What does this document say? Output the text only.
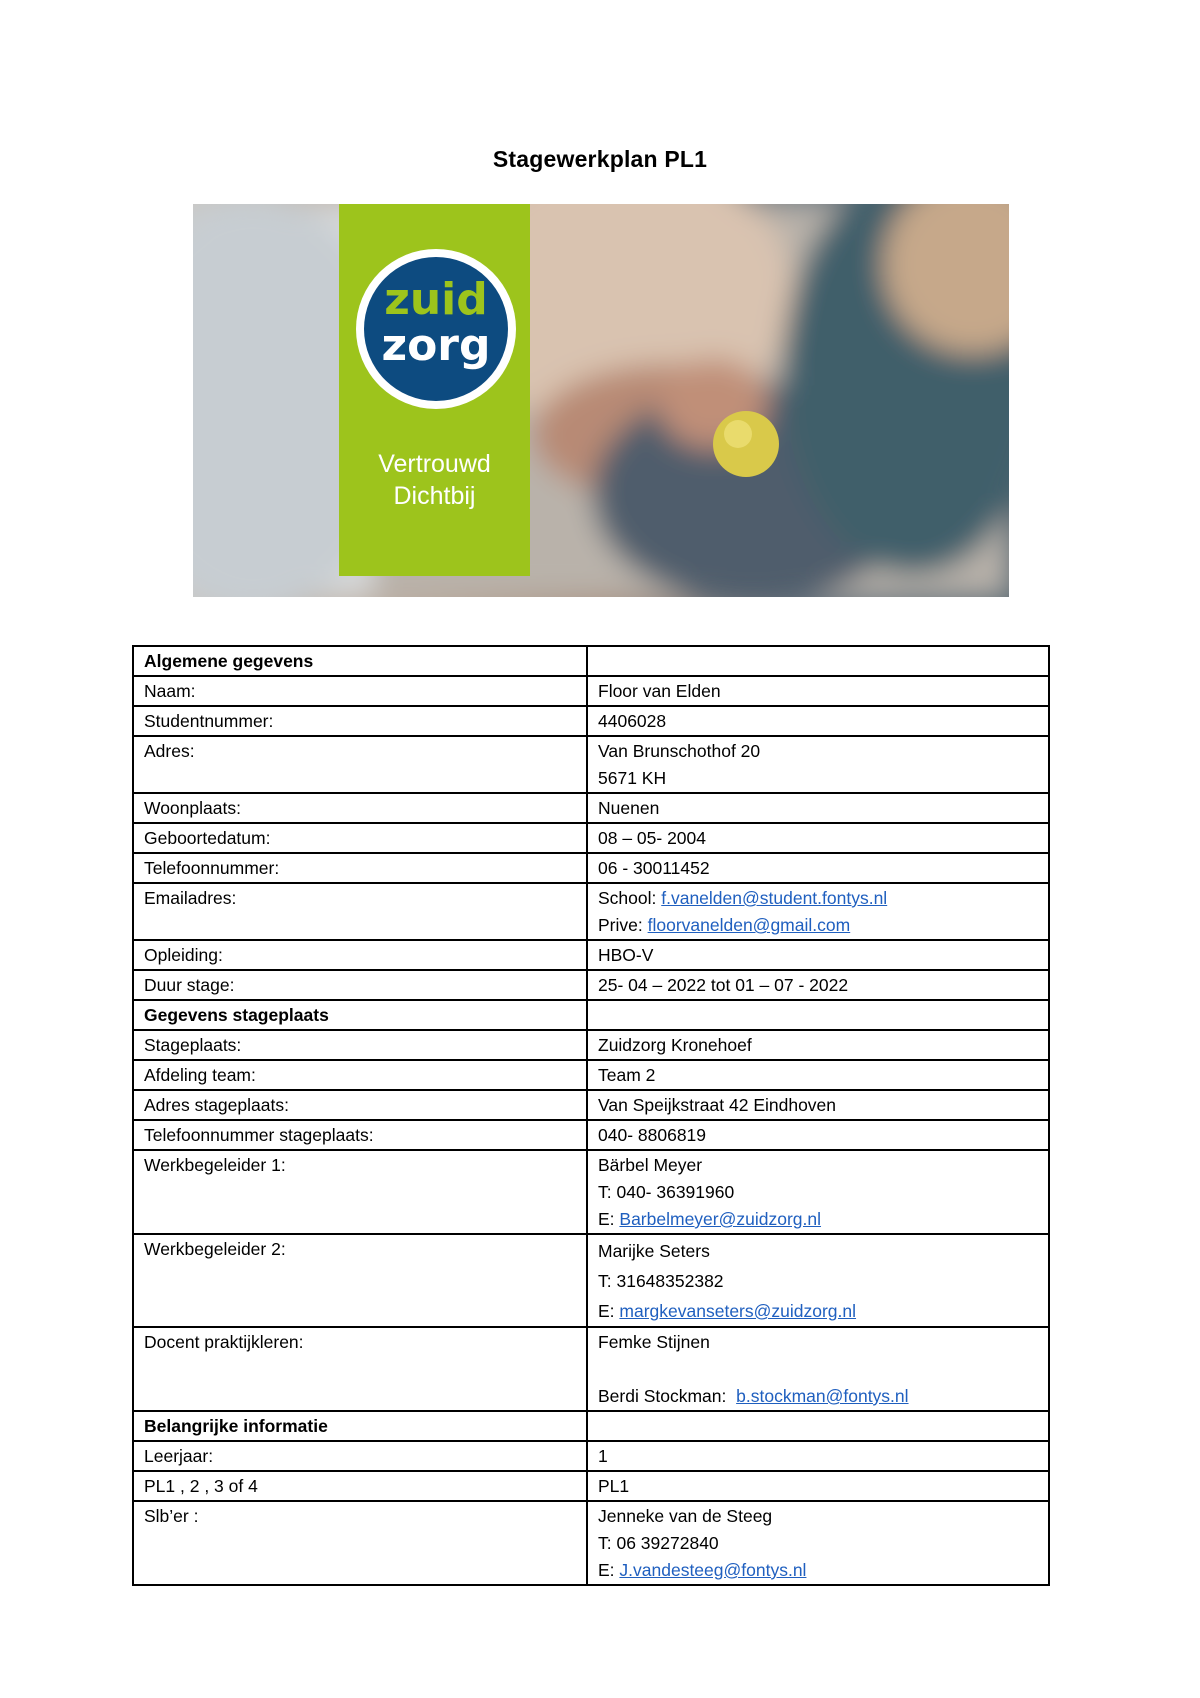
Stagewerkplan PL1
zuid
zorg
Vertrouwd
Dichtbij
Algemene gegevens	
Naam:	Floor van Elden
Studentnummer:	4406028
Adres:	Van Brunschothof 20
5671 KH

Woonplaats:	Nuenen
Geboortedatum:	08 – 05- 2004
Telefoonnummer:	06 - 30011452
Emailadres:	School: f.vanelden@student.fontys.nl
Prive: floorvanelden@gmail.com

Opleiding:	HBO-V
Duur stage:	25- 04 – 2022 tot 01 – 07 - 2022
Gegevens stageplaats	
Stageplaats:	Zuidzorg Kronehoef
Afdeling team:	Team 2
Adres stageplaats:	Van Speijkstraat 42 Eindhoven
Telefoonnummer stageplaats:	040- 8806819
Werkbegeleider 1:	Bärbel Meyer
T: 040- 36391960
E: Barbelmeyer@zuidzorg.nl

Werkbegeleider 2:	Marijke Seters
T: 31648352382
E: margkevanseters@zuidzorg.nl

Docent praktijkleren:	Femke Stijnen
Berdi Stockman:  b.stockman@fontys.nl

Belangrijke informatie	
Leerjaar:	1
PL1 , 2 , 3 of 4	PL1
Slb’er :	Jenneke van de Steeg
T: 06 39272840
E: J.vandesteeg@fontys.nl
